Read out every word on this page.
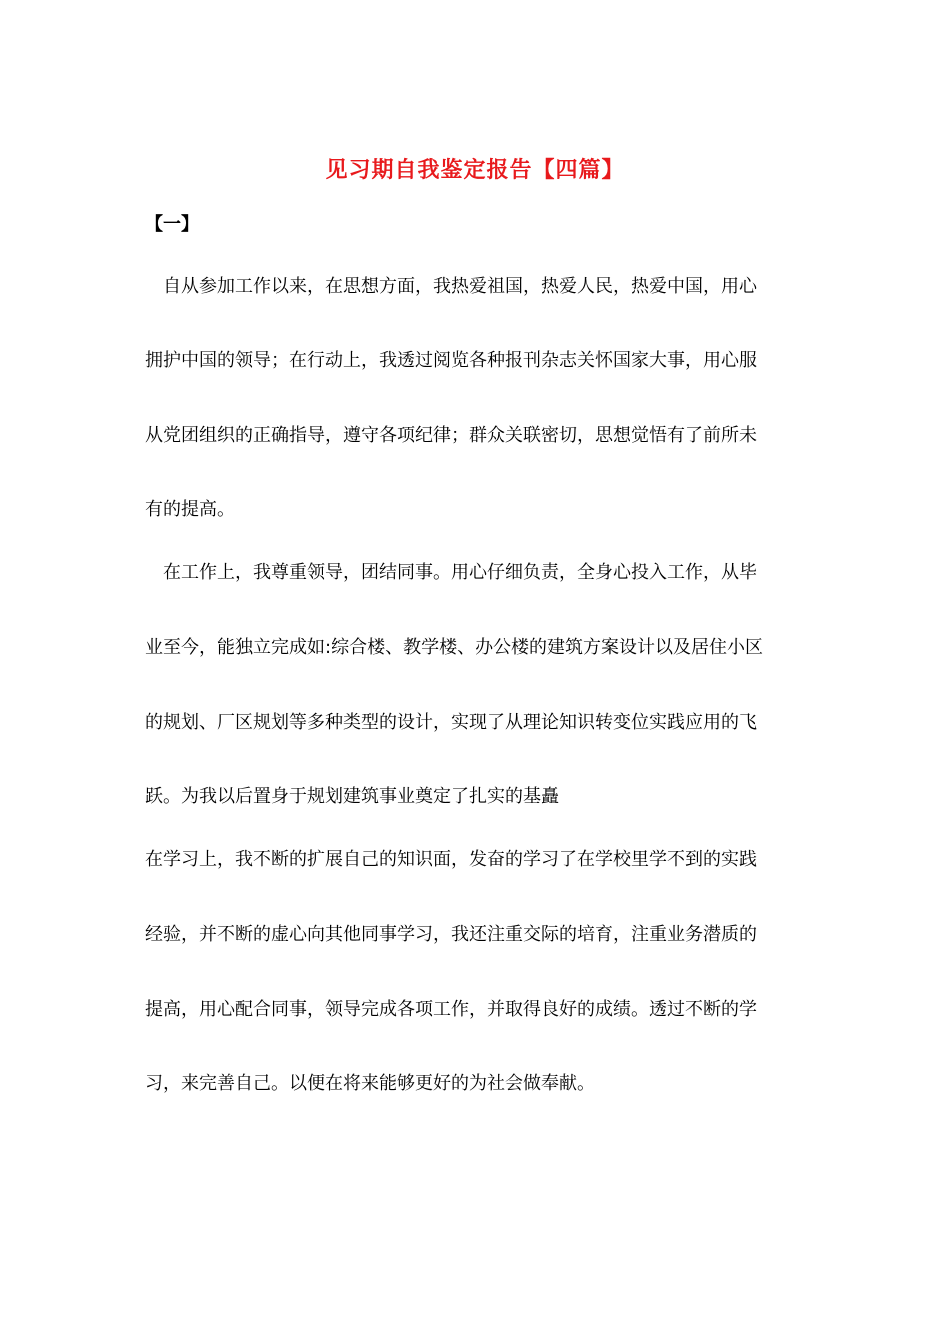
见习期自我鉴定报告【四篇】
【一】

自从参加工作以来，在思想方面，我热爱祖国，热爱人民，热爱中国，用心

拥护中国的领导；在行动上，我透过阅览各种报刊杂志关怀国家大事，用心服

从党团组织的正确指导，遵守各项纪律；群众关联密切，思想觉悟有了前所未

有的提高。

在工作上，我尊重领导，团结同事。用心仔细负责，全身心投入工作，从毕

业至今，能独立完成如:综合楼、教学楼、办公楼的建筑方案设计以及居住小区

的规划、厂区规划等多种类型的设计，实现了从理论知识转变位实践应用的飞

跃。为我以后置身于规划建筑事业奠定了扎实的基矗

在学习上，我不断的扩展自己的知识面，发奋的学习了在学校里学不到的实践

经验，并不断的虚心向其他同事学习，我还注重交际的培育，注重业务潜质的

提高，用心配合同事，领导完成各项工作，并取得良好的成绩。透过不断的学

习，来完善自己。以便在将来能够更好的为社会做奉献。
